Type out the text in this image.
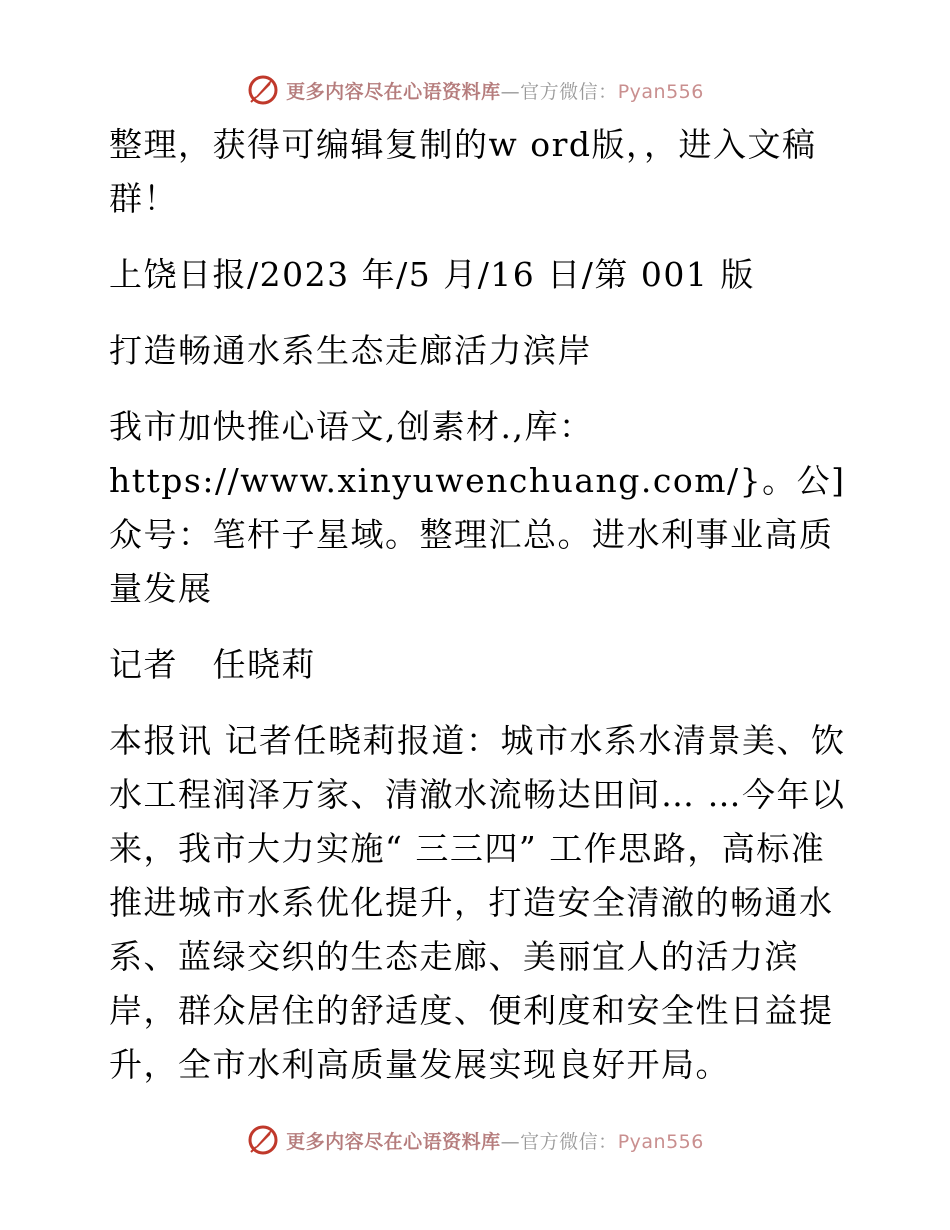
更多内容尽在心语资料库—官方微信：Pyan556

整理，获得可编辑复制的w ord版，，进入文稿群！

上饶日报/2023 年/5 月/16 日/第 001 版

打造畅通水系生态走廊活力滨岸

我市加快推心语文,创素材.,库：https://www.xinyuwenchuang.com/}。公]众号：笔杆子星域。整理汇总。进水利事业高质量发展

记者　任晓莉

本报讯 记者任晓莉报道：城市水系水清景美、饮水工程润泽万家、清澈水流畅达田间… …今年以来，我市大力实施“ 三三四” 工作思路，高标准推进城市水系优化提升，打造安全清澈的畅通水系、蓝绿交织的生态走廊、美丽宜人的活力滨岸，群众居住的舒适度、便利度和安全性日益提升，全市水利高质量发展实现良好开局。

更多内容尽在心语资料库—官方微信：Pyan556
